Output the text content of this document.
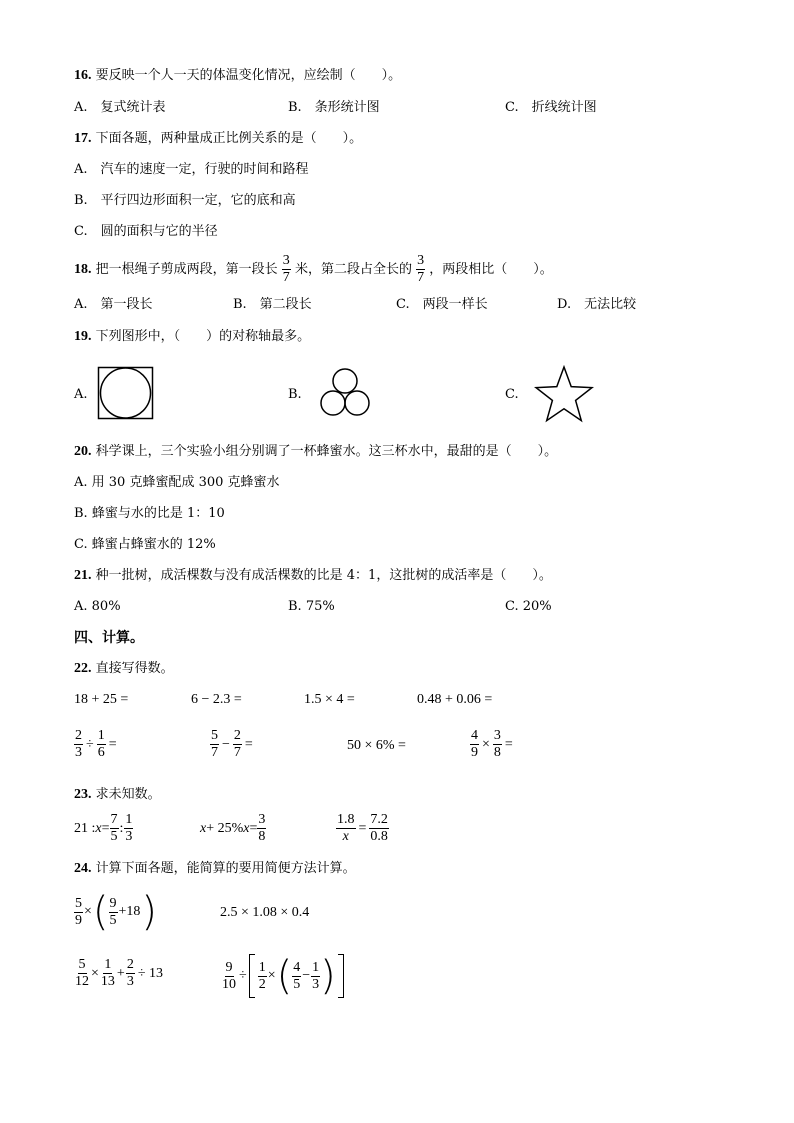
16. 要反映一个人一天的体温变化情况，应绘制（　　）。
A.　复式统计表	B.　条形统计图	C.　折线统计图
17. 下面各题，两种量成正比例关系的是（　　）。
A.　汽车的速度一定，行驶的时间和路程
B.　平行四边形面积一定，它的底和高
C.　圆的面积与它的半径
18. 把一根绳子剪成两段，第一段长 $\frac{3}{7}$ 米，第二段占全长的 $\frac{3}{7}$ ，两段相比（　　）。
A.　第一段长	B.　第二段长	C.　两段一样长	D.　无法比较
19. 下列图形中，（　　）的对称轴最多。
A.	B.	C.
20. 科学课上，三个实验小组分别调了一杯蜂蜜水。这三杯水中，最甜的是（　　）。
A. 用 30 克蜂蜜配成 300 克蜂蜜水
B. 蜂蜜与水的比是 1：10
C. 蜂蜜占蜂蜜水的 12%
21. 种一批树，成活棵数与没有成活棵数的比是 4：1，这批树的成活率是（　　）。
A. 80%	B. 75%	C. 20%
四、计算。
22. 直接写得数。
18 + 25 =	6 − 2.3 =	1.5 × 4 =	0.48 + 0.06 =
$\frac{2}{3} \div \frac{1}{6}$ =	$\frac{5}{7} - \frac{2}{7}$ =	50 × 6% =	$\frac{4}{9} \times \frac{3}{8}$ =
23. 求未知数。
21 :x= $\frac{7}{5}$ : $\frac{1}{3}$	$x+ 25\%x= \frac{3}{8}$	$\frac{1.8}{x} = \frac{7.2}{0.8}$
24. 计算下面各题，能简算的要用简便方法计算。
$\frac{5}{9}$ ×( $\frac{9}{5} +18$)	2.5 × 1.08 × 0.4
$\frac{5}{12} \times \frac{1}{13} + \frac{2}{3} \div 13$	$\frac{9}{10} \div \frac{1}{2}$ ×( $\frac{4}{5} - \frac{1}{3}$ )
